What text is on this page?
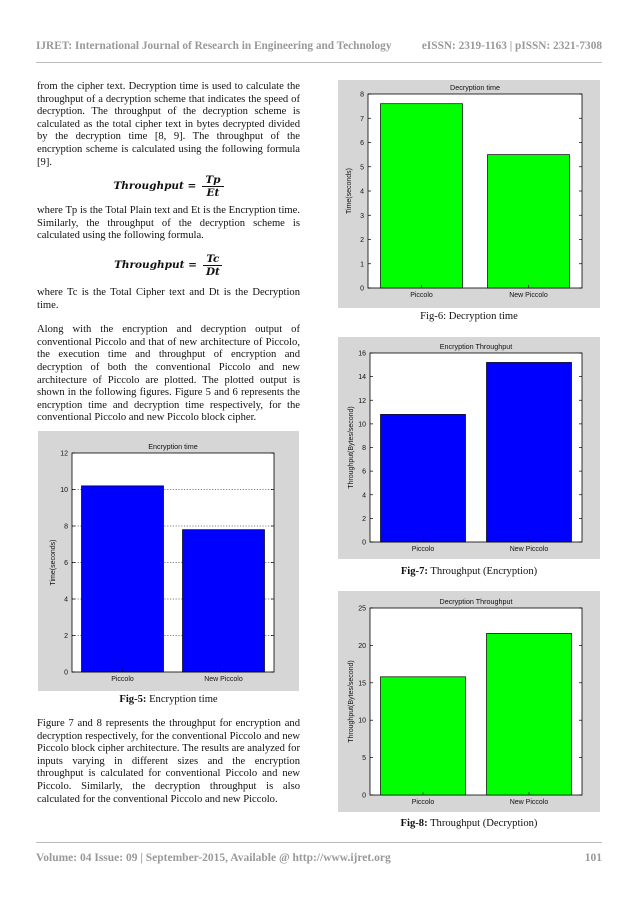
IJRET: International Journal of Research in Engineering and Technology	eISSN: 2319-1163 | pISSN: 2321-7308

from the cipher text. Decryption time is used to calculate the throughput of a decryption scheme that indicates the speed of decryption. The throughput of the decryption scheme is calculated as the total cipher text in bytes decrypted divided by the decryption time [8, 9]. The throughput of the encryption scheme is calculated using the following formula [9].

Throughput = $\frac{Tp}{Et}$

where Tp is the Total Plain text and Et is the Encryption time. Similarly, the throughput of the decryption scheme is calculated using the following formula.

Throughput = $\frac{Tc}{Dt}$

where Tc is the Total Cipher text and Dt is the Decryption time.

Along with the encryption and decryption output of conventional Piccolo and that of new architecture of Piccolo, the execution time and throughput of encryption and decryption of both the conventional Piccolo and new architecture of Piccolo are plotted. The plotted output is shown in the following figures. Figure 5 and 6 represents the encryption time and decryption time respectively, for the conventional Piccolo and new Piccolo block cipher.

Encryption time
0
2
4
6
8
10
12
Time(seconds)
Piccolo	New Piccolo
Fig-5: Encryption time

Figure 7 and 8 represents the throughput for encryption and decryption respectively, for the conventional Piccolo and new Piccolo block cipher architecture. The results are analyzed for inputs varying in different sizes and the encryption throughput is calculated for conventional Piccolo and new Piccolo. Similarly, the decryption throughput is also calculated for the conventional Piccolo and new Piccolo.

Decryption time
0
1
2
3
4
5
6
7
8
Time(seconds)
Piccolo	New Piccolo
Fig-6: Decryption time
Encryption Throughput
0
2
4
6
8
10
12
14
16
Throughput(Bytes/second)
Piccolo	New Piccolo
Fig-7: Throughput (Encryption)
Decryption Throughput
0
5
10
15
20
25
Throughput(Bytes/second)
Piccolo	New Piccolo
Fig-8: Throughput (Decryption)
Volume: 04 Issue: 09 | September-2015, Available @ http://www.ijret.org	101
